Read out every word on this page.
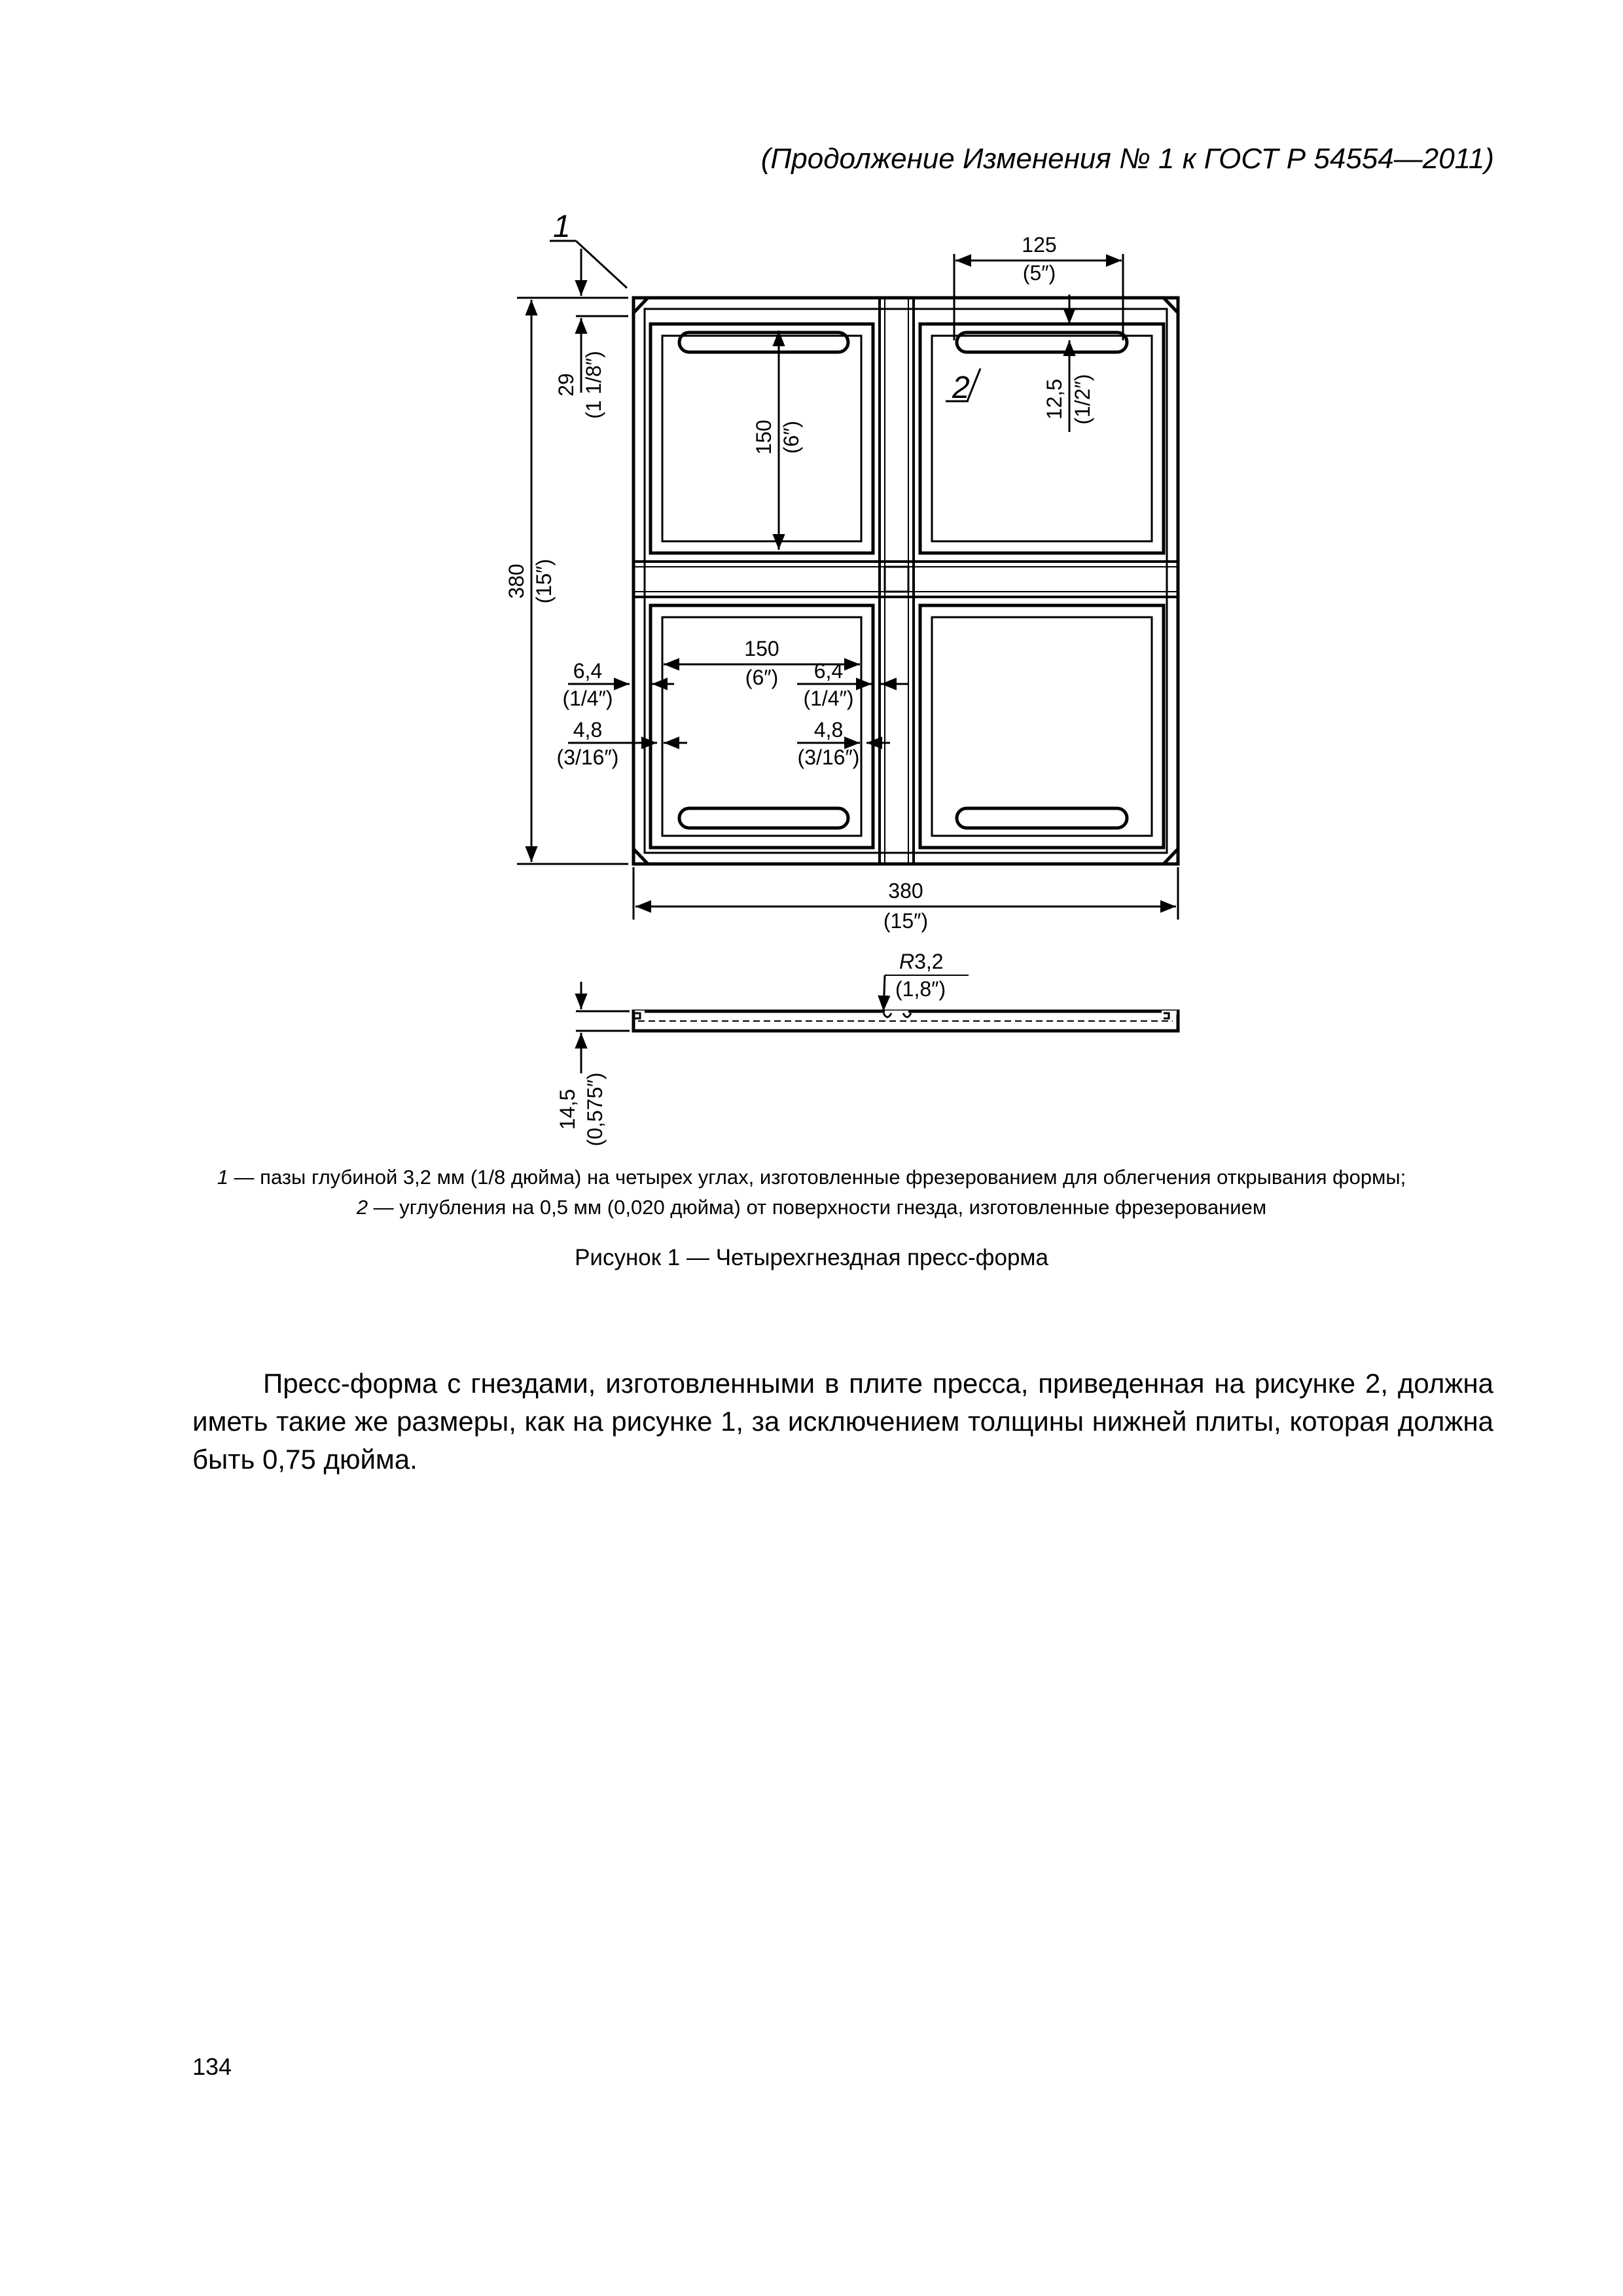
(Продолжение Изменения № 1 к ГОСТ Р 54554—2011)
1
2
125
(5″)
12,5 (1/2″)
29 (1 1/8″)
150 (6″)
380 (15″)
150
(6″)
6,4
(1/4″)
4,8
(3/16″)
6,4
(1/4″)
4,8
(3/16″)
380
(15″)
R3,2
(1,8″)
14,5 (0,575″)
1 — пазы глубиной 3,2 мм (1/8 дюйма) на четырех углах, изготовленные фрезерованием для облегчения открывания формы;
2 — углубления на 0,5 мм (0,020 дюйма) от поверхности гнезда, изготовленные фрезерованием
Рисунок 1 — Четырехгнездная пресс-форма
Пресс-форма с гнездами, изготовленными в плите пресса, приведенная на рисунке 2, должна иметь такие же размеры, как на рисунке 1, за исключением толщины нижней плиты, которая должна быть 0,75 дюйма.
134
